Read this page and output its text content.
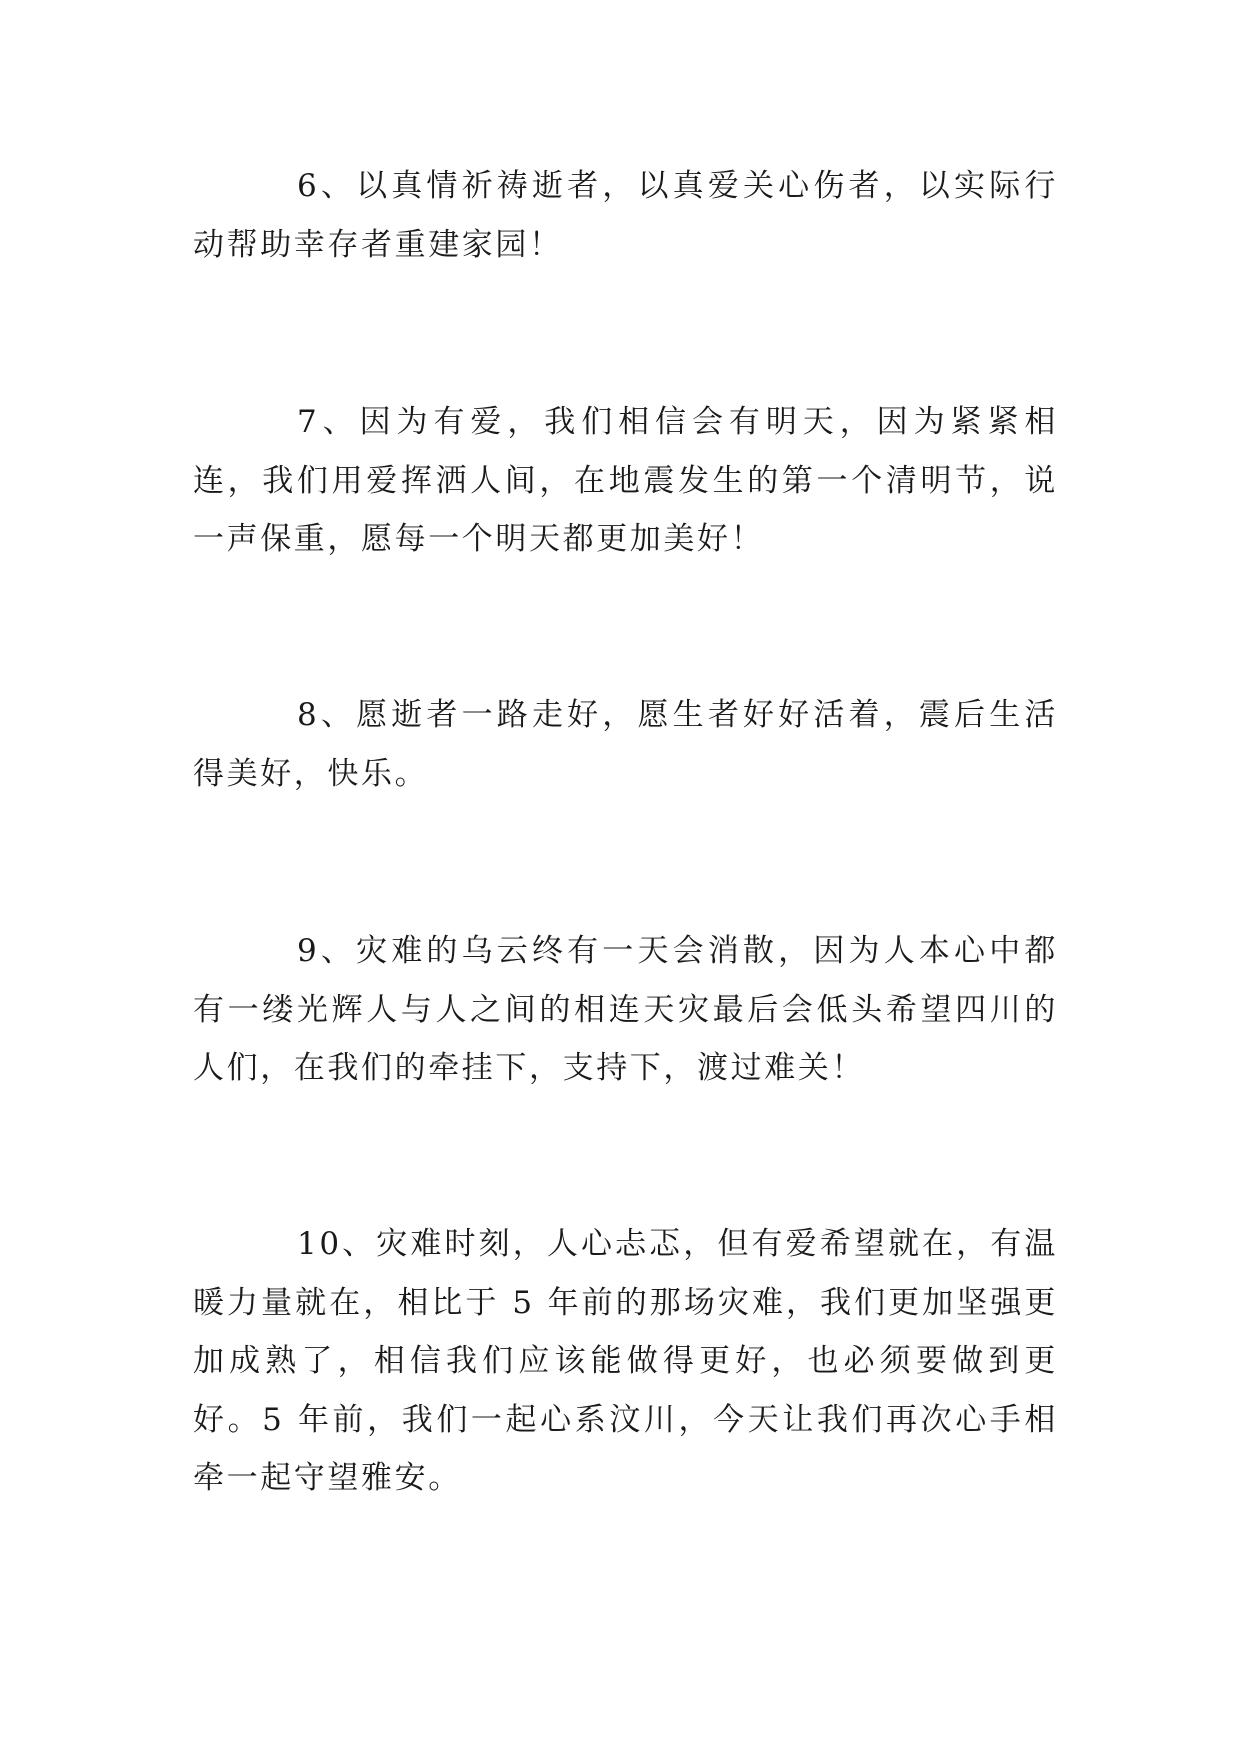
6、以真情祈祷逝者，以真爱关心伤者，以实际行动帮助幸存者重建家园！

7、因为有爱，我们相信会有明天，因为紧紧相连，我们用爱挥洒人间，在地震发生的第一个清明节，说一声保重，愿每一个明天都更加美好！

8、愿逝者一路走好，愿生者好好活着，震后生活得美好，快乐。

9、灾难的乌云终有一天会消散，因为人本心中都有一缕光辉人与人之间的相连天灾最后会低头希望四川的人们，在我们的牵挂下，支持下，渡过难关！

10、灾难时刻，人心忐忑，但有爱希望就在，有温暖力量就在，相比于 5 年前的那场灾难，我们更加坚强更加成熟了，相信我们应该能做得更好，也必须要做到更好。5 年前，我们一起心系汶川，今天让我们再次心手相牵一起守望雅安。
